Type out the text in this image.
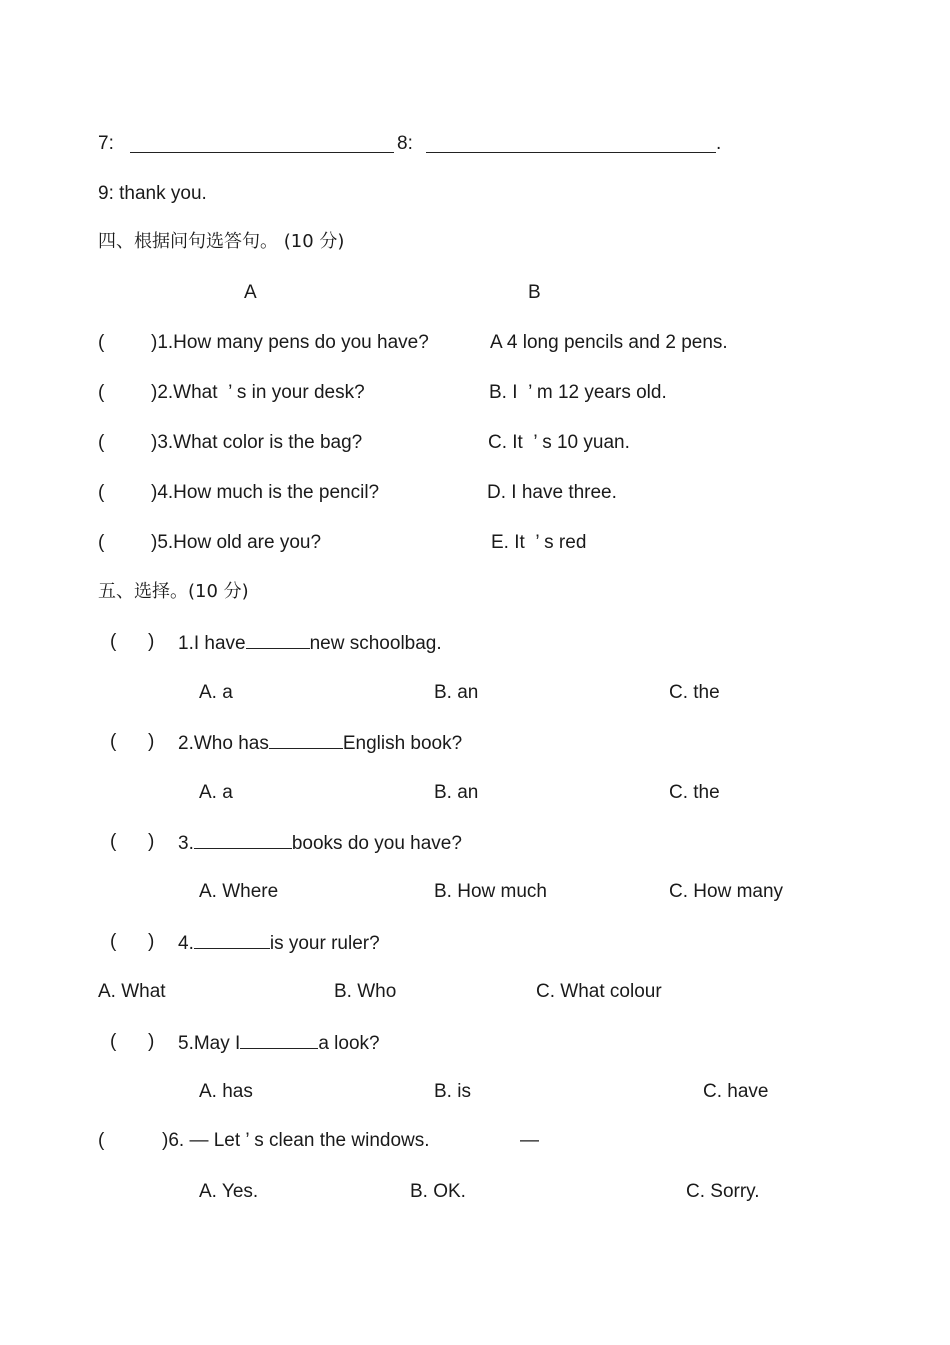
7:	8:	.
9: thank you.
四、根据问句选答句。 (10 分)
A	B
( )1.How many pens do you have?	A 4 long pencils and 2 pens.
( )2.What  ’ s in your desk?	B. I  ’ m 12 years old.
( )3.What color is the bag?	C. It  ’ s 10 yuan.
( )4.How much is the pencil?	D. I have three.
( )5.How old are you?	E. It  ’ s red
五、选择。(10 分)
(      ) 1.I have	new schoolbag.
A. a	B. an	C. the
(      ) 2.Who has	English book?
A. a	B. an	C. the
(      ) 3.	books do you have?
A. Where	B. How much	C. How many
(      ) 4.	is your ruler?
A. What	B. Who	C. What colour
(      ) 5.May I	a look?
A. has	B. is	C. have
(	)6. — Let ’ s clean the windows.	—
A. Yes.	B. OK.	C. Sorry.
